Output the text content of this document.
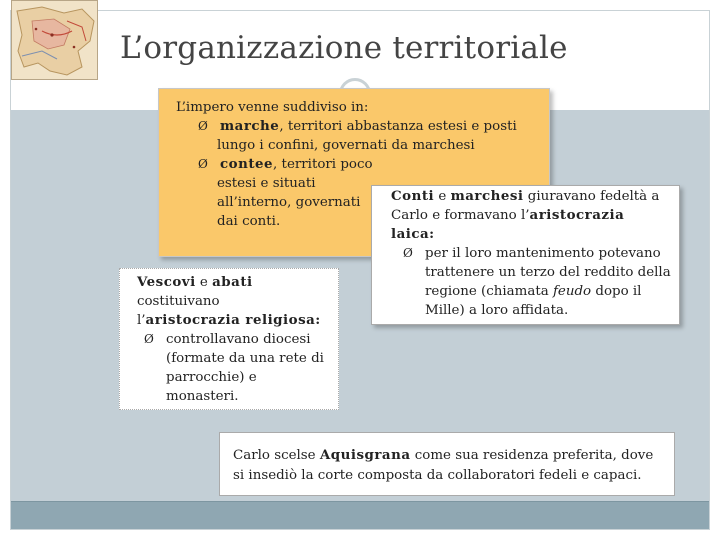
L’organizzazione territoriale
L’impero venne suddiviso in:
Ø marche, territori abbastanza estesi e posti
lungo i confini, governati da marchesi
Ø contee, territori poco
estesi e situati
all’interno, governati
dai conti.
Conti e marchesi giuravano fedeltà a
Carlo e formavano l’aristocrazia
laica:
Ø per il loro mantenimento potevano
trattenere un terzo del reddito della
regione (chiamata feudo dopo il
Mille) a loro affidata.
Vescovi e abati
costituivano
l’aristocrazia religiosa:
Ø controllavano diocesi
(formate da una rete di
parrocchie) e
monasteri.
Carlo scelse Aquisgrana come sua residenza preferita, dove
si insediò la corte composta da collaboratori fedeli e capaci.
